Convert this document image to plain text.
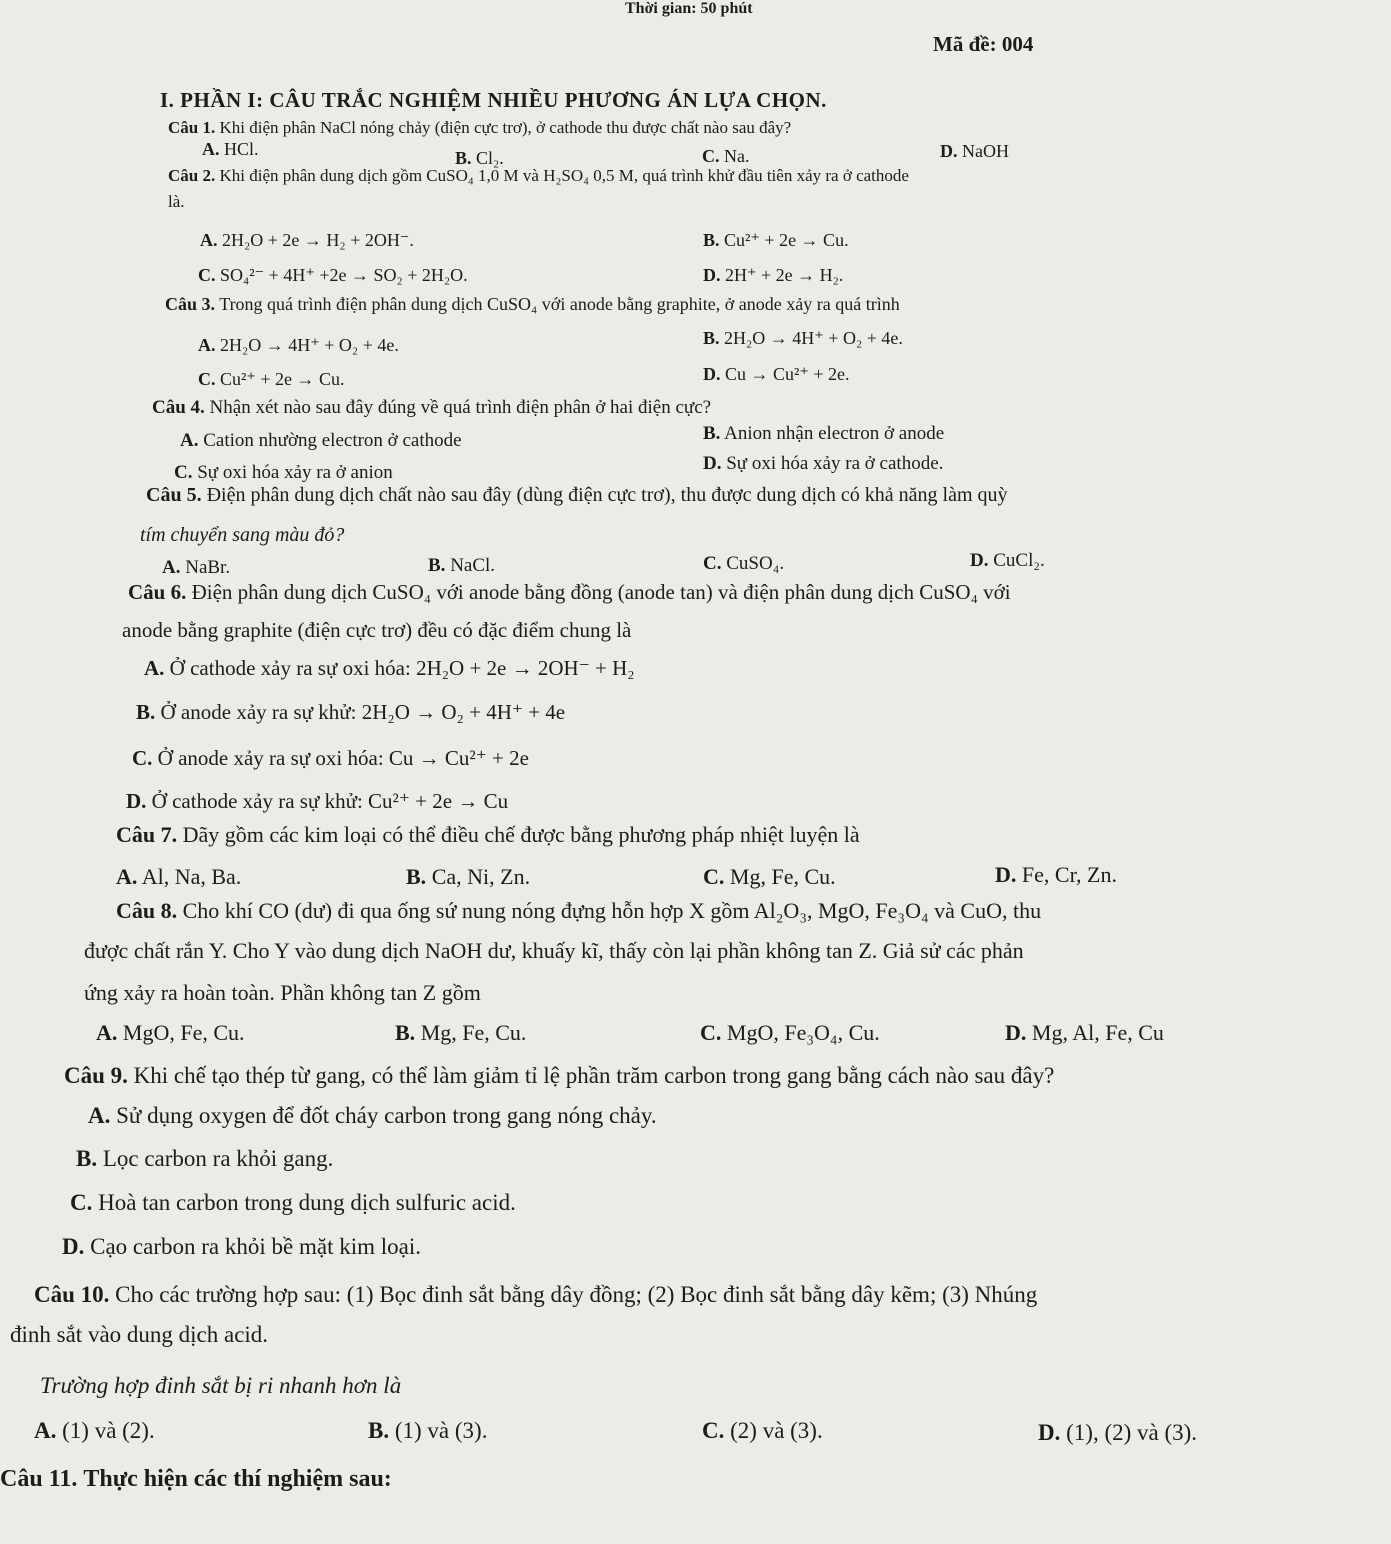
Thời gian: 50 phút
Mã đề: 004
I. PHẦN I: CÂU TRẮC NGHIỆM NHIỀU PHƯƠNG ÁN LỰA CHỌN.
Câu 1. Khi điện phân NaCl nóng chảy (điện cực trơ), ở cathode thu được chất nào sau đây?
A. HCl.	B. Cl₂.	C. Na.	D. NaOH
Câu 2. Khi điện phân dung dịch gồm CuSO₄ 1,0 M và H₂SO₄ 0,5 M, quá trình khử đầu tiên xảy ra ở cathode
là.
A. 2H₂O + 2e → H₂ + 2OH⁻.	B. Cu²⁺ + 2e → Cu.
C. SO₄²⁻ + 4H⁺ +2e → SO₂ + 2H₂O.	D. 2H⁺ + 2e → H₂.
Câu 3. Trong quá trình điện phân dung dịch CuSO₄ với anode bằng graphite, ở anode xảy ra quá trình
A. 2H₂O → 4H⁺ + O₂ + 4e.	B. 2H₂O → 4H⁺ + O₂ + 4e.
C. Cu²⁺ + 2e → Cu.	D. Cu → Cu²⁺ + 2e.
Câu 4. Nhận xét nào sau đây đúng về quá trình điện phân ở hai điện cực?
A. Cation nhường electron ở cathode	B. Anion nhận electron ở anode
C. Sự oxi hóa xảy ra ở anion	D. Sự oxi hóa xảy ra ở cathode.
Câu 5. Điện phân dung dịch chất nào sau đây (dùng điện cực trơ), thu được dung dịch có khả năng làm quỳ
tím chuyển sang màu đỏ?
A. NaBr.	B. NaCl.	C. CuSO₄.	D. CuCl₂.
Câu 6. Điện phân dung dịch CuSO₄ với anode bằng đồng (anode tan) và điện phân dung dịch CuSO₄ với
anode bằng graphite (điện cực trơ) đều có đặc điểm chung là
A. Ở cathode xảy ra sự oxi hóa: 2H₂O + 2e → 2OH⁻ + H₂
B. Ở anode xảy ra sự khử: 2H₂O → O₂ + 4H⁺ + 4e
C. Ở anode xảy ra sự oxi hóa: Cu → Cu²⁺ + 2e
D. Ở cathode xảy ra sự khử: Cu²⁺ + 2e → Cu
Câu 7. Dãy gồm các kim loại có thể điều chế được bằng phương pháp nhiệt luyện là
A. Al, Na, Ba.	B. Ca, Ni, Zn.	C. Mg, Fe, Cu.	D. Fe, Cr, Zn.
Câu 8. Cho khí CO (dư) đi qua ống sứ nung nóng đựng hỗn hợp X gồm Al₂O₃, MgO, Fe₃O₄ và CuO, thu
được chất rắn Y. Cho Y vào dung dịch NaOH dư, khuấy kĩ, thấy còn lại phần không tan Z. Giả sử các phản
ứng xảy ra hoàn toàn. Phần không tan Z gồm
A. MgO, Fe, Cu.	B. Mg, Fe, Cu.	C. MgO, Fe₃O₄, Cu.	D. Mg, Al, Fe, Cu
Câu 9. Khi chế tạo thép từ gang, có thể làm giảm tỉ lệ phần trăm carbon trong gang bằng cách nào sau đây?
A. Sử dụng oxygen để đốt cháy carbon trong gang nóng chảy.
B. Lọc carbon ra khỏi gang.
C. Hoà tan carbon trong dung dịch sulfuric acid.
D. Cạo carbon ra khỏi bề mặt kim loại.
Câu 10. Cho các trường hợp sau: (1) Bọc đinh sắt bằng dây đồng; (2) Bọc đinh sắt bằng dây kẽm; (3) Nhúng
đinh sắt vào dung dịch acid.
Trường hợp đinh sắt bị ri nhanh hơn là
A. (1) và (2).	B. (1) và (3).	C. (2) và (3).	D. (1), (2) và (3).
Câu 11. Thực hiện các thí nghiệm sau:
